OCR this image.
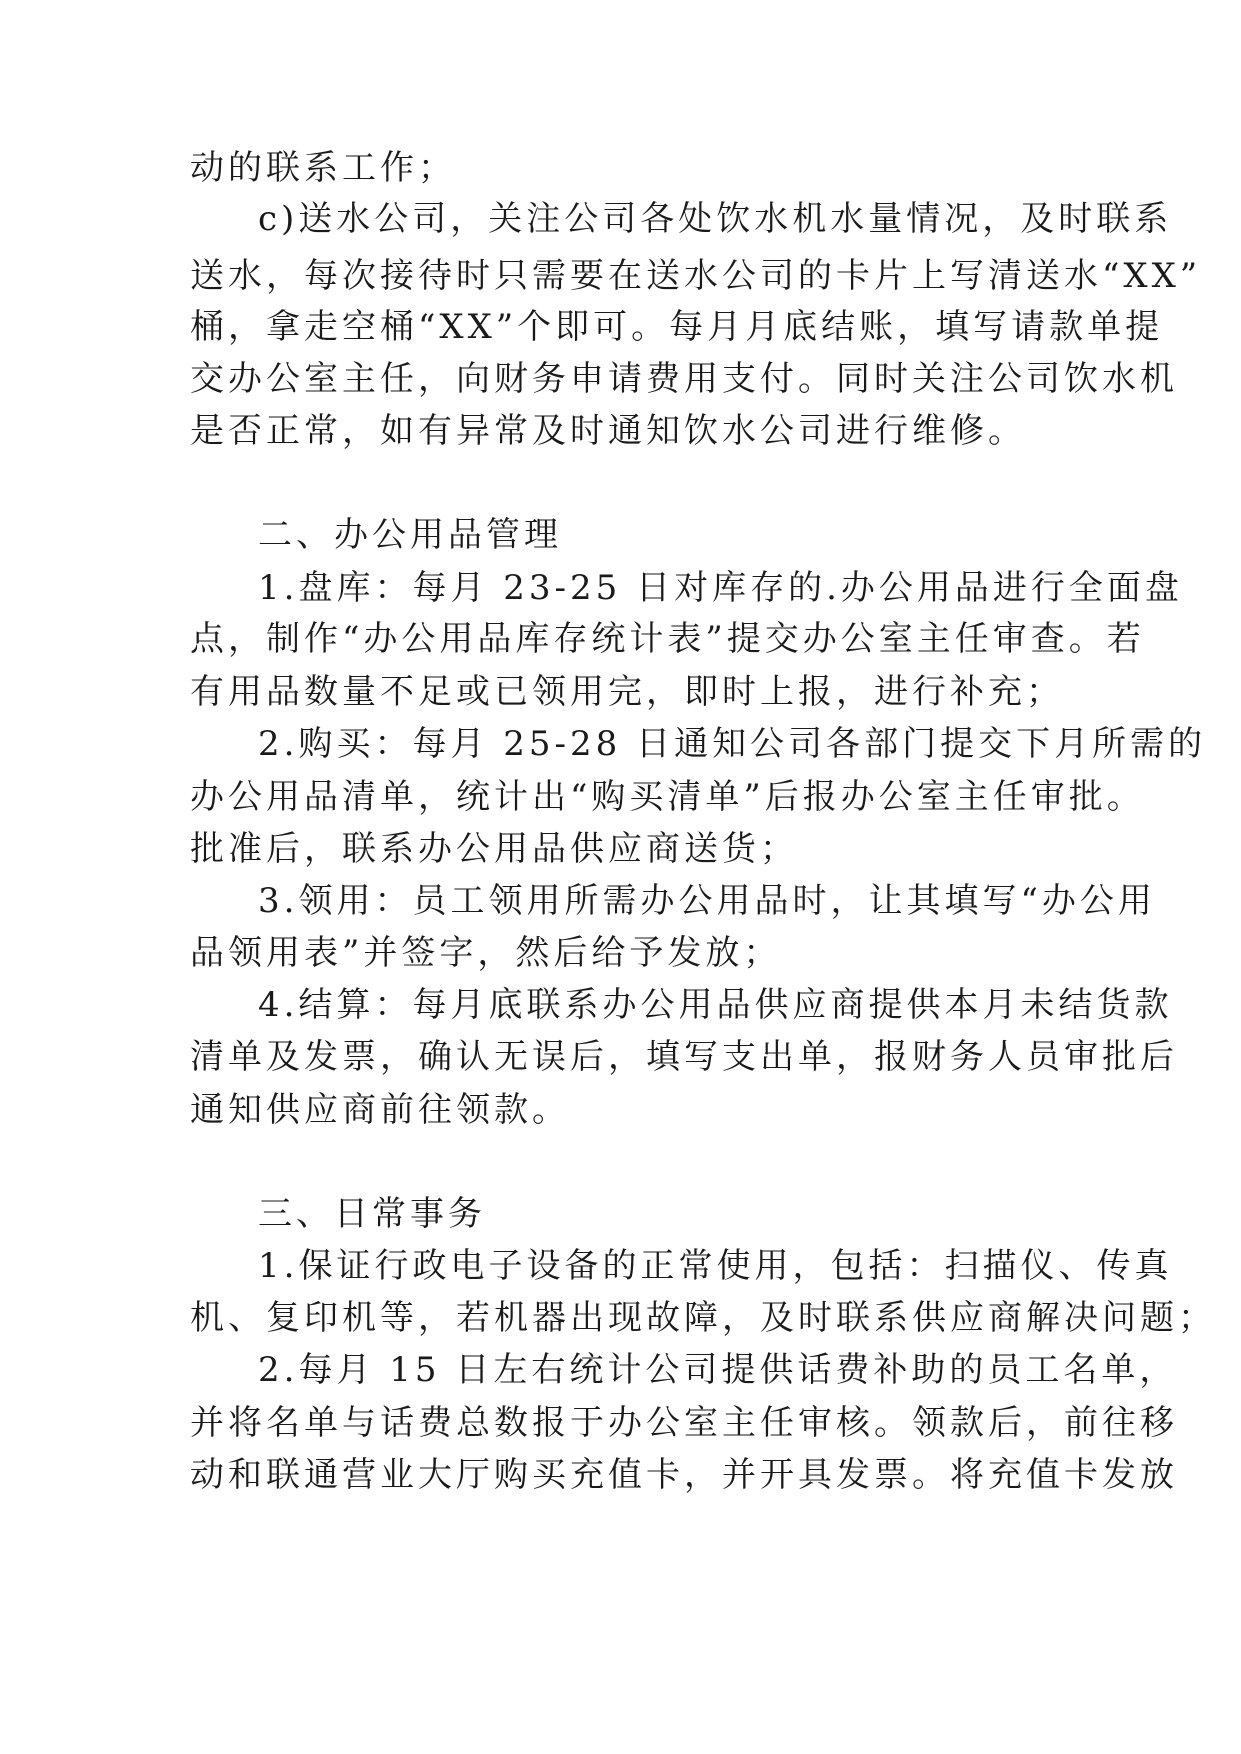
动的联系工作；
c)送水公司，关注公司各处饮水机水量情况，及时联系
送水，每次接待时只需要在送水公司的卡片上写清送水“XX”
桶，拿走空桶“XX”个即可。每月月底结账，填写请款单提
交办公室主任，向财务申请费用支付。同时关注公司饮水机
是否正常，如有异常及时通知饮水公司进行维修。
二、办公用品管理
1.盘库：每月 23-25 日对库存的.办公用品进行全面盘
点，制作“办公用品库存统计表”提交办公室主任审查。若
有用品数量不足或已领用完，即时上报，进行补充；
2.购买：每月 25-28 日通知公司各部门提交下月所需的
办公用品清单，统计出“购买清单”后报办公室主任审批。
批准后，联系办公用品供应商送货；
3.领用：员工领用所需办公用品时，让其填写“办公用
品领用表”并签字，然后给予发放；
4.结算：每月底联系办公用品供应商提供本月未结货款
清单及发票，确认无误后，填写支出单，报财务人员审批后
通知供应商前往领款。
三、日常事务
1.保证行政电子设备的正常使用，包括：扫描仪、传真
机、复印机等，若机器出现故障，及时联系供应商解决问题；
2.每月 15 日左右统计公司提供话费补助的员工名单，
并将名单与话费总数报于办公室主任审核。领款后，前往移
动和联通营业大厅购买充值卡，并开具发票。将充值卡发放
